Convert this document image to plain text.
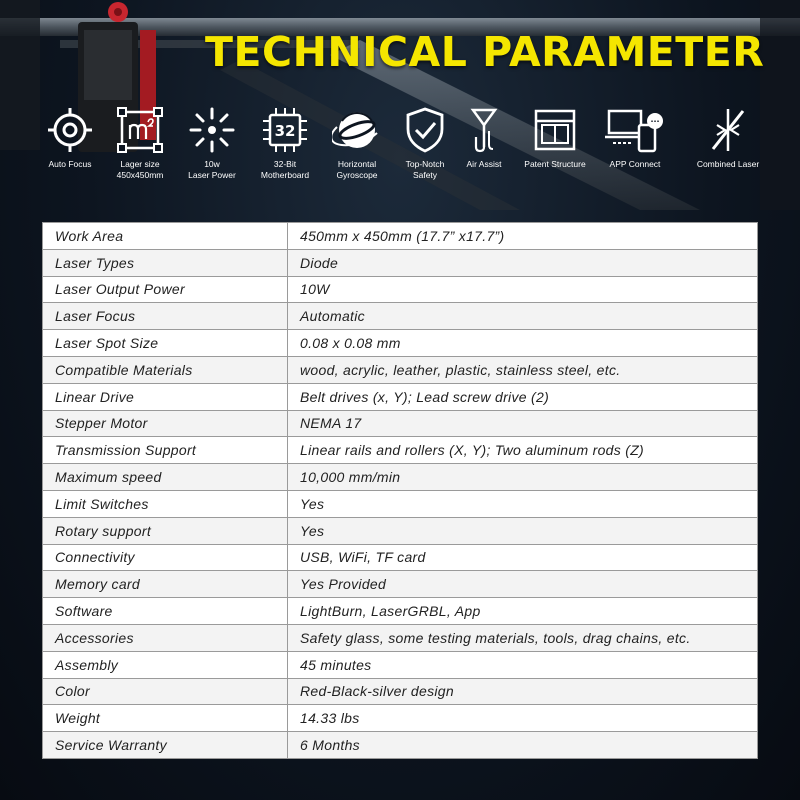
TECHNICAL PARAMETER
Auto Focus	Lager size
450x450mm
10w
Laser Power
32
32-Bit
Motherboard
Horizontal
Gyroscope
Top-Notch
Safety
Air Assist	Patent Structure
···
APP Connect	Combined Laser
Work Area	450mm x 450mm (17.7” x17.7”)
Laser Types	Diode
Laser Output Power	10W
Laser Focus	Automatic
Laser Spot Size	0.08 x 0.08 mm
Compatible Materials	wood, acrylic, leather, plastic, stainless steel, etc.
Linear Drive	Belt drives (x, Y); Lead screw drive (2)
Stepper Motor	NEMA 17
Transmission Support	Linear rails and rollers (X, Y); Two aluminum rods (Z)
Maximum speed	10,000 mm/min
Limit Switches	Yes
Rotary support	Yes
Connectivity	USB, WiFi, TF card
Memory card	Yes Provided
Software	LightBurn, LaserGRBL, App
Accessories	Safety glass, some testing materials, tools, drag chains, etc.
Assembly	45 minutes
Color	Red-Black-silver design
Weight	14.33 lbs
Service Warranty	6 Months
